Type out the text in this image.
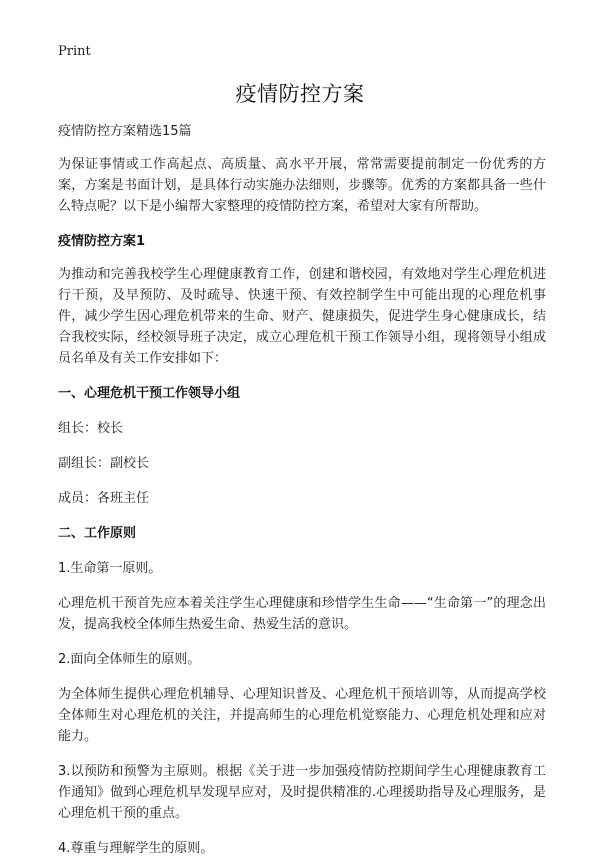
Print
疫情防控方案

疫情防控方案精选15篇

为保证事情或工作高起点、高质量、高水平开展，常常需要提前制定一份优秀的方案，方案是书面计划，是具体行动实施办法细则，步骤等。优秀的方案都具备一些什么特点呢？以下是小编帮大家整理的疫情防控方案，希望对大家有所帮助。

疫情防控方案1

为推动和完善我校学生心理健康教育工作，创建和谐校园，有效地对学生心理危机进行干预，及早预防、及时疏导、快速干预、有效控制学生中可能出现的心理危机事件，减少学生因心理危机带来的生命、财产、健康损失，促进学生身心健康成长，结合我校实际，经校领导班子决定，成立心理危机干预工作领导小组，现将领导小组成员名单及有关工作安排如下：

一、心理危机干预工作领导小组

组长：校长

副组长：副校长

成员：各班主任

二、工作原则

1.生命第一原则。

心理危机干预首先应本着关注学生心理健康和珍惜学生生命——“生命第一”的理念出发，提高我校全体师生热爱生命、热爱生活的意识。

2.面向全体师生的原则。

为全体师生提供心理危机辅导、心理知识普及、心理危机干预培训等，从而提高学校全体师生对心理危机的关注，并提高师生的心理危机觉察能力、心理危机处理和应对能力。

3.以预防和预警为主原则。根据《关于进一步加强疫情防控期间学生心理健康教育工作通知》做到心理危机早发现早应对，及时提供精准的.心理援助指导及心理服务，是心理危机干预的重点。

4.尊重与理解学生的原则。
